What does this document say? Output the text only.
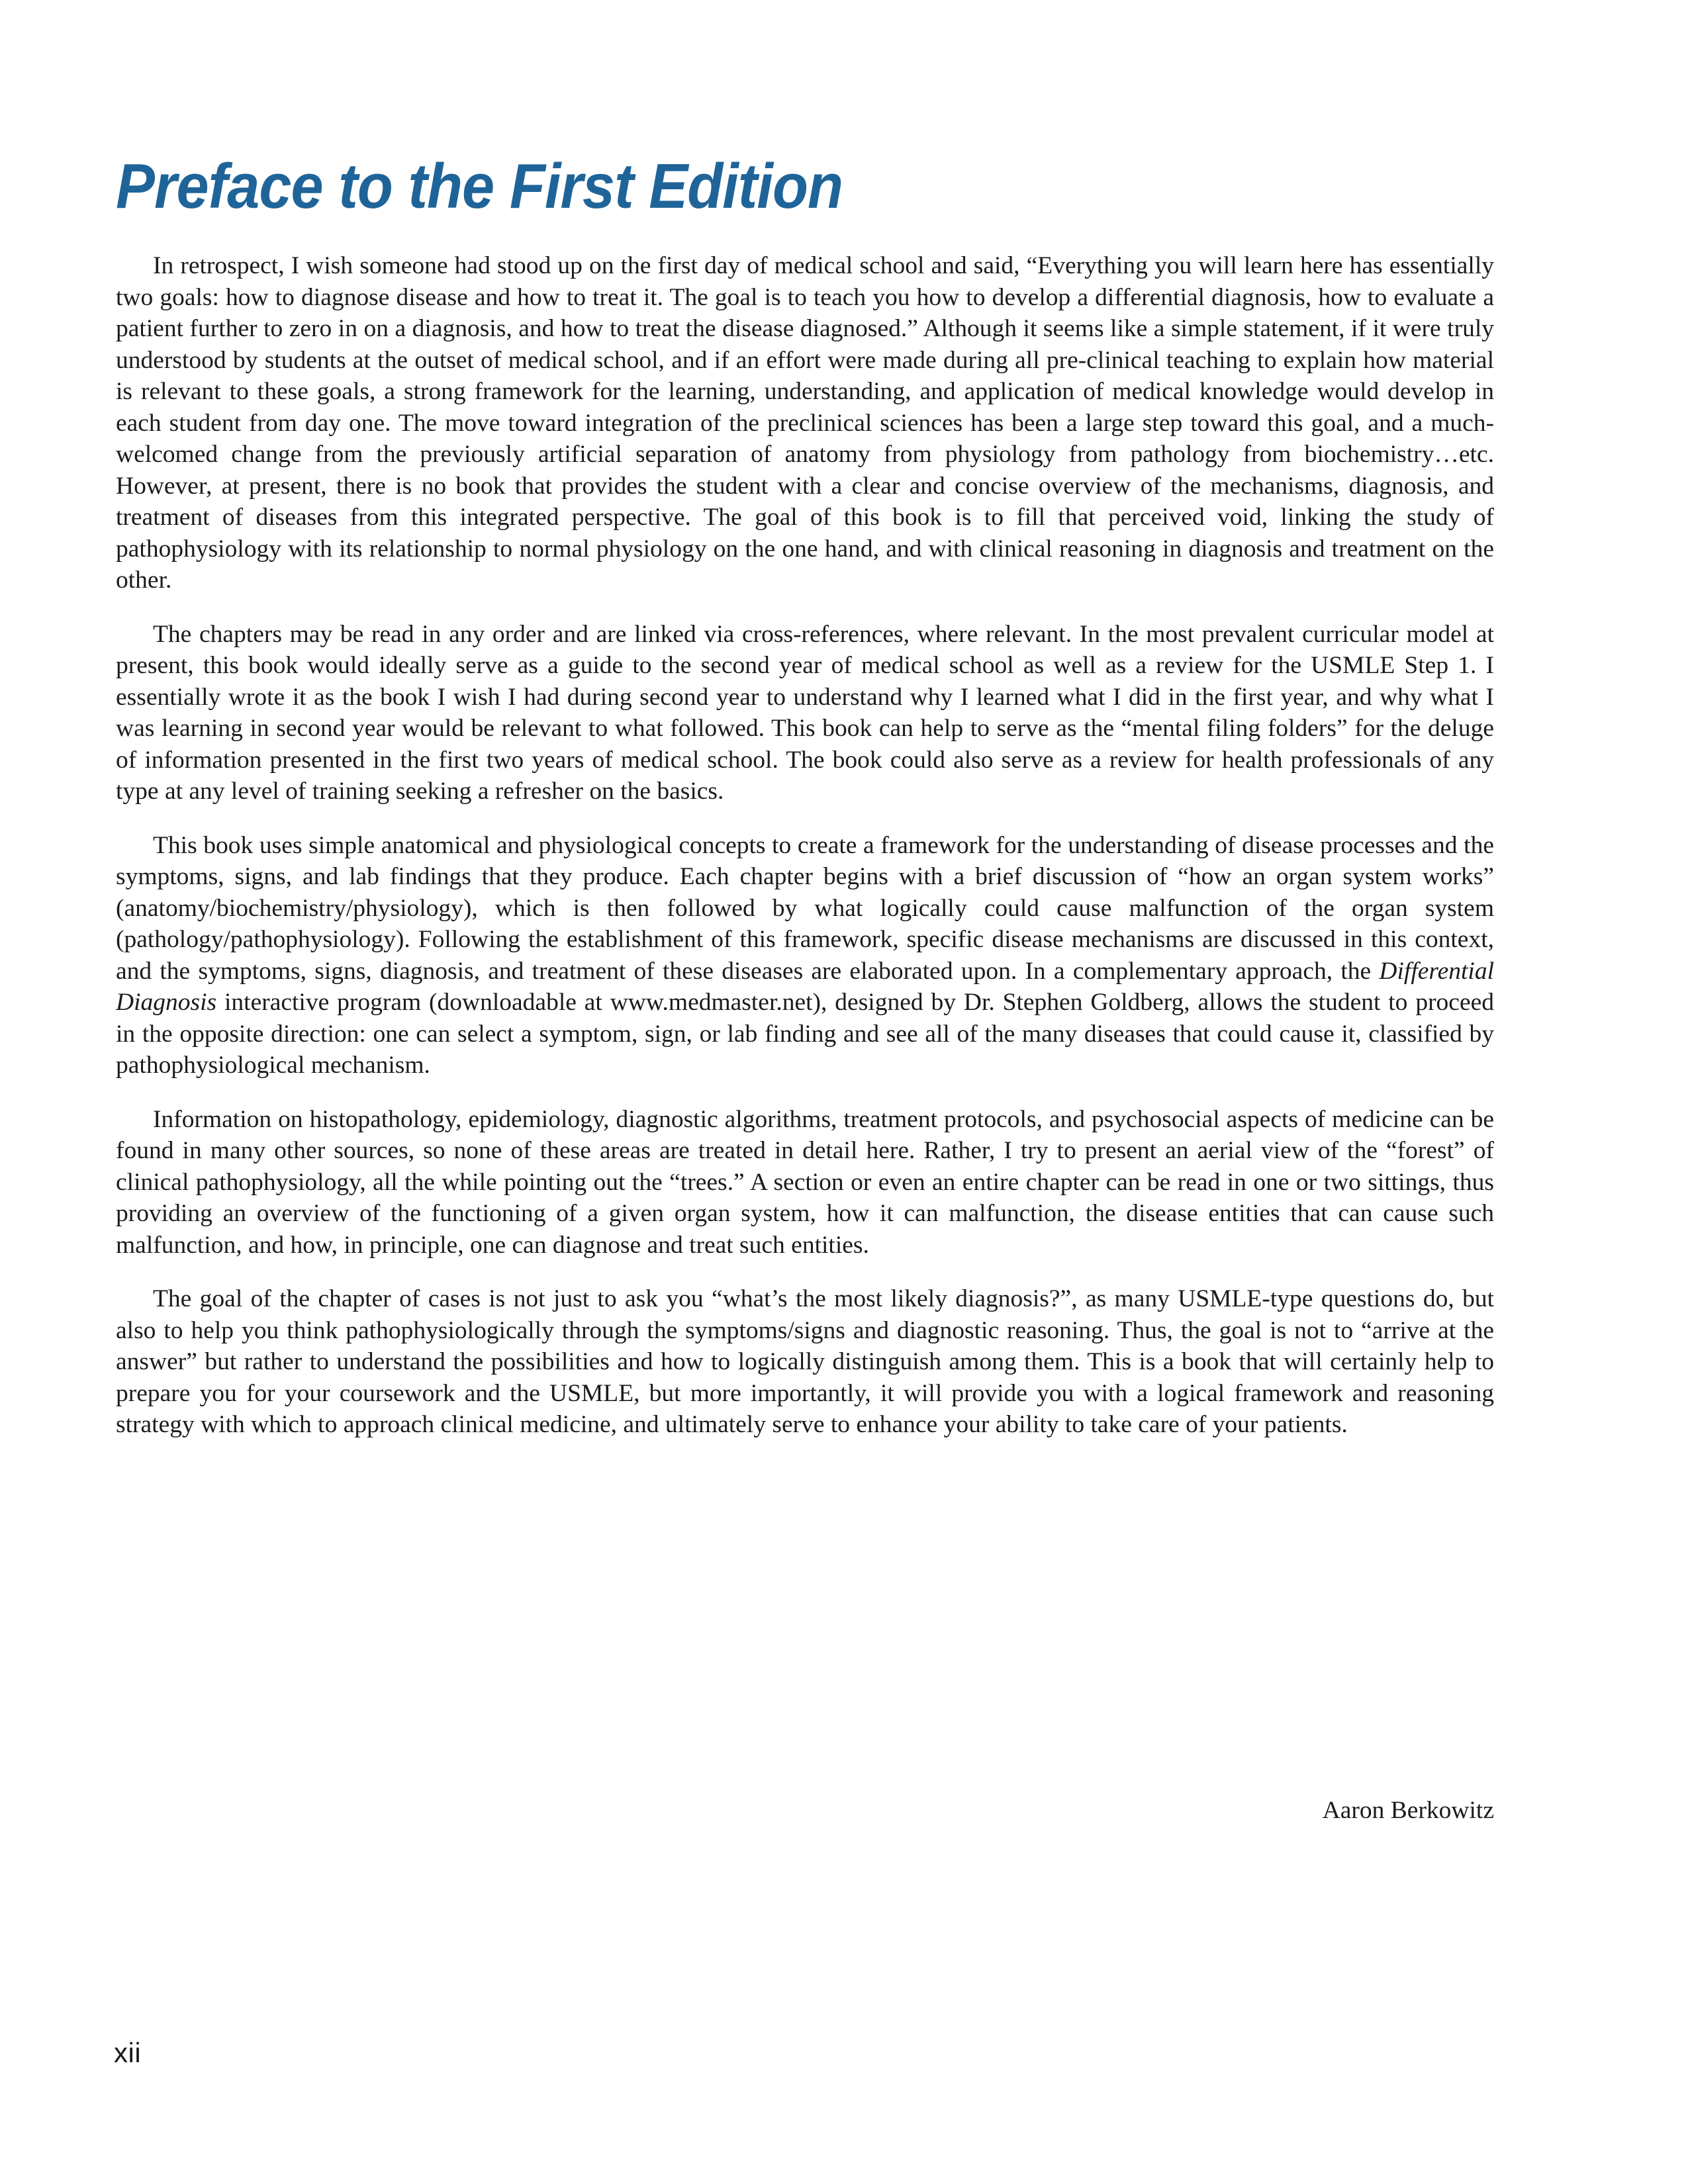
Preface to the First Edition

In retrospect, I wish someone had stood up on the first day of medical school and said, “Everything you will learn here has essentially two goals: how to diagnose disease and how to treat it. The goal is to teach you how to develop a differential diagnosis, how to evaluate a patient further to zero in on a diagnosis, and how to treat the disease diagnosed.” Although it seems like a simple statement, if it were truly understood by students at the outset of medical school, and if an effort were made during all pre-clinical teaching to explain how material is relevant to these goals, a strong framework for the learning, understanding, and application of medical knowledge would develop in each student from day one. The move toward integration of the preclinical sciences has been a large step toward this goal, and a much-welcomed change from the previously artificial separation of anatomy from physiology from pathology from biochemistry…etc. However, at present, there is no book that provides the student with a clear and concise overview of the mechanisms, diagnosis, and treatment of diseases from this integrated perspective. The goal of this book is to fill that perceived void, linking the study of pathophysiology with its relationship to normal physiology on the one hand, and with clinical reasoning in diagnosis and treatment on the other.

The chapters may be read in any order and are linked via cross-references, where relevant. In the most prevalent curricular model at present, this book would ideally serve as a guide to the second year of medical school as well as a review for the USMLE Step 1. I essentially wrote it as the book I wish I had during second year to understand why I learned what I did in the first year, and why what I was learning in second year would be relevant to what followed. This book can help to serve as the “mental filing folders” for the deluge of information presented in the first two years of medical school. The book could also serve as a review for health professionals of any type at any level of training seeking a refresher on the basics.

This book uses simple anatomical and physiological concepts to create a framework for the understanding of disease processes and the symptoms, signs, and lab findings that they produce. Each chapter begins with a brief discussion of “how an organ system works” (anatomy/biochemistry/physiology), which is then followed by what logically could cause malfunction of the organ system (pathology/pathophysiology). Following the establishment of this framework, specific disease mechanisms are discussed in this context, and the symptoms, signs, diagnosis, and treatment of these diseases are elaborated upon. In a complementary approach, the Differential Diagnosis interactive program (downloadable at www.medmaster.net), designed by Dr. Stephen Goldberg, allows the student to proceed in the opposite direction: one can select a symptom, sign, or lab finding and see all of the many diseases that could cause it, classified by pathophysiological mechanism.

Information on histopathology, epidemiology, diagnostic algorithms, treatment protocols, and psychosocial aspects of medicine can be found in many other sources, so none of these areas are treated in detail here. Rather, I try to present an aerial view of the “forest” of clinical pathophysiology, all the while pointing out the “trees.” A section or even an entire chapter can be read in one or two sittings, thus providing an overview of the functioning of a given organ system, how it can malfunction, the disease entities that can cause such malfunction, and how, in principle, one can diagnose and treat such entities.

The goal of the chapter of cases is not just to ask you “what’s the most likely diagnosis?”, as many USMLE-type questions do, but also to help you think pathophysiologically through the symptoms/signs and diagnostic reasoning. Thus, the goal is not to “arrive at the answer” but rather to understand the possibilities and how to logically distinguish among them. This is a book that will certainly help to prepare you for your coursework and the USMLE, but more importantly, it will provide you with a logical framework and reasoning strategy with which to approach clinical medicine, and ultimately serve to enhance your ability to take care of your patients.

Aaron Berkowitz
xii
